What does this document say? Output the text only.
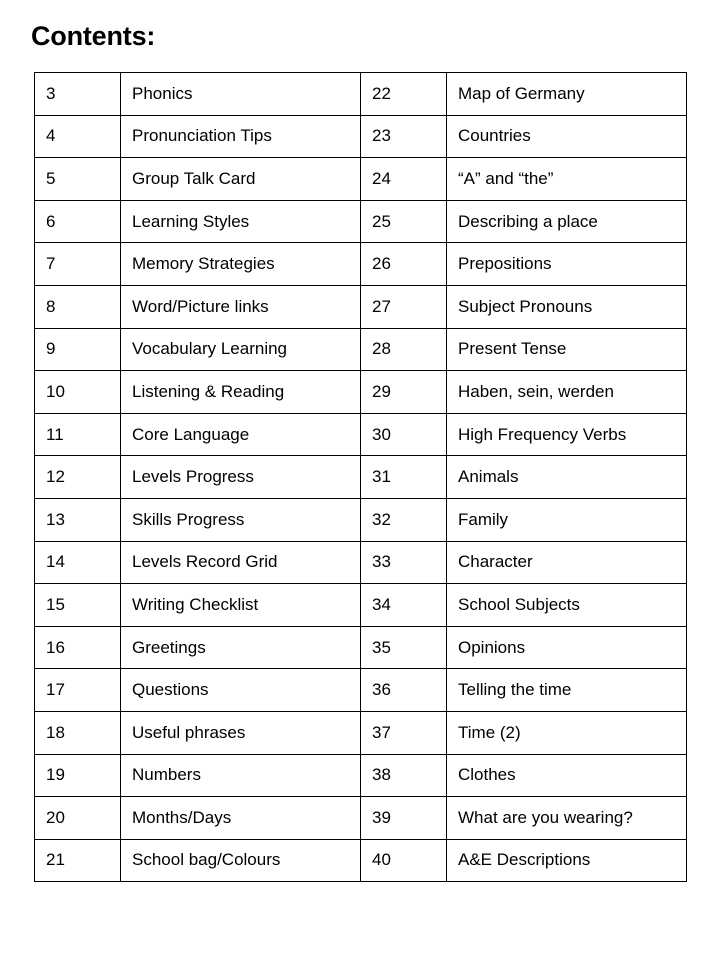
Contents:
3	Phonics	22	Map of Germany
4	Pronunciation Tips	23	Countries
5	Group Talk Card	24	“A” and “the”
6	Learning Styles	25	Describing a place
7	Memory Strategies	26	Prepositions
8	Word/Picture links	27	Subject Pronouns
9	Vocabulary Learning	28	Present Tense
10	Listening & Reading	29	Haben, sein, werden
11	Core Language	30	High Frequency Verbs
12	Levels Progress	31	Animals
13	Skills Progress	32	Family
14	Levels Record Grid	33	Character
15	Writing Checklist	34	School Subjects
16	Greetings	35	Opinions
17	Questions	36	Telling the time
18	Useful phrases	37	Time (2)
19	Numbers	38	Clothes
20	Months/Days	39	What are you wearing?
21	School bag/Colours	40	A&E Descriptions
